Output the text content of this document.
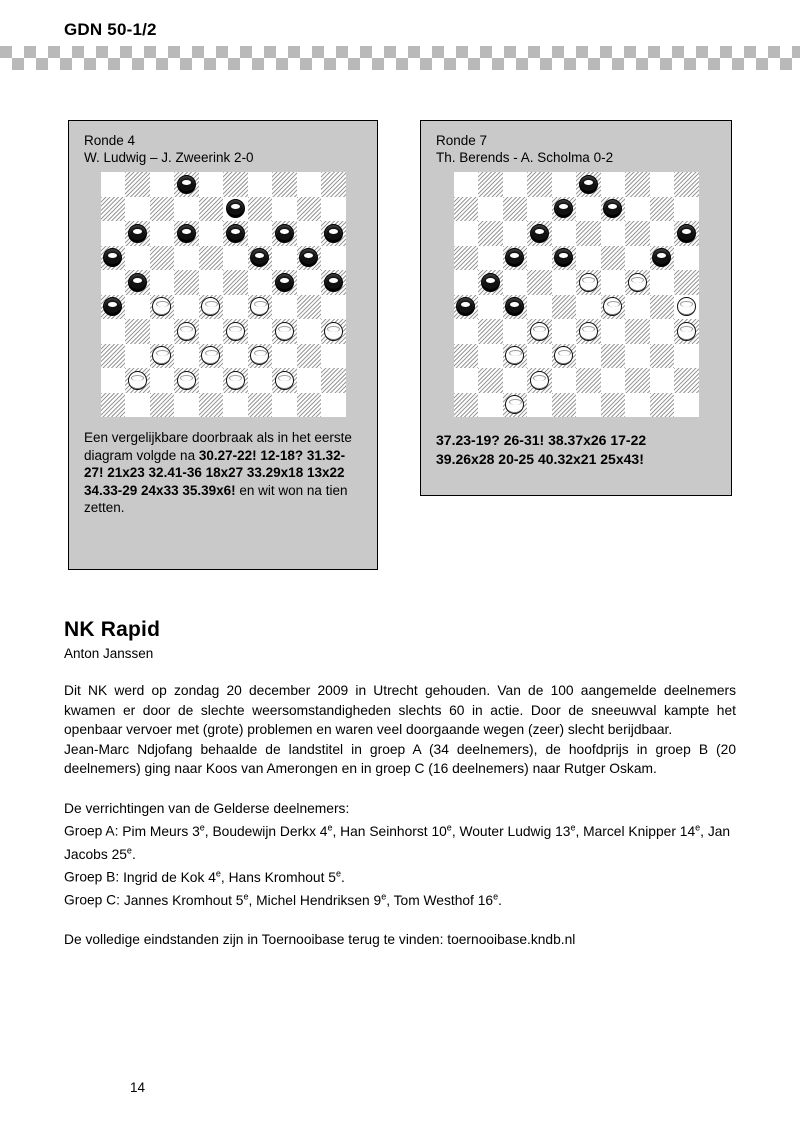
GDN 50-1/2
Ronde 4
W. Ludwig – J. Zweerink 2-0
Een vergelijkbare doorbraak als in het eerste diagram volgde na 30.27-22! 12-18? 31.32-27! 21x23 32.41-36 18x27 33.29x18 13x22 34.33-29 24x33 35.39x6! en wit won na tien zetten.
Ronde 7
Th. Berends - A. Scholma 0-2
37.23-19? 26-31! 38.37x26 17-22
39.26x28 20-25 40.32x21 25x43!
NK Rapid
Anton Janssen

Dit NK werd op zondag 20 december 2009 in Utrecht gehouden. Van de 100 aangemelde deelnemers kwamen er door de slechte weersomstandigheden slechts 60 in actie. Door de sneeuwval kampte het openbaar vervoer met (grote) problemen en waren veel doorgaande wegen (zeer) slecht berijdbaar.

Jean-Marc Ndjofang behaalde de landstitel in groep A (34 deelnemers), de hoofdprijs in groep B (20 deelnemers) ging naar Koos van Amerongen en in groep C (16 deelnemers) naar Rutger Oskam.

De verrichtingen van de Gelderse deelnemers:

Groep A: Pim Meurs 3e, Boudewijn Derkx 4e, Han Seinhorst 10e, Wouter Ludwig 13e, Marcel Knipper 14e, Jan Jacobs 25e.

Groep B: Ingrid de Kok 4e, Hans Kromhout 5e.

Groep C: Jannes Kromhout 5e, Michel Hendriksen 9e, Tom Westhof 16e.

De volledige eindstanden zijn in Toernooibase terug te vinden: toernooibase.kndb.nl

14
